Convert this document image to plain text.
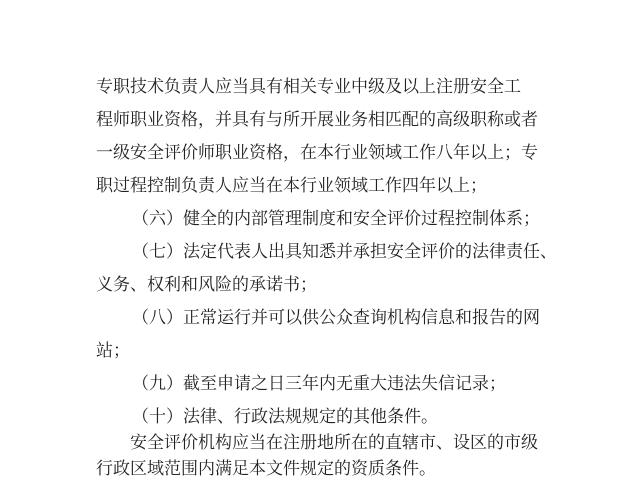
专职技术负责人应当具有相关专业中级及以上注册安全工
程师职业资格，并具有与所开展业务相匹配的高级职称或者
一级安全评价师职业资格，在本行业领域工作八年以上；专
职过程控制负责人应当在本行业领域工作四年以上；
（六）健全的内部管理制度和安全评价过程控制体系；
（七）法定代表人出具知悉并承担安全评价的法律责任、
义务、权利和风险的承诺书；
（八）正常运行并可以供公众查询机构信息和报告的网
站；
（九）截至申请之日三年内无重大违法失信记录；
（十）法律、行政法规规定的其他条件。
安全评价机构应当在注册地所在的直辖市、设区的市级
行政区域范围内满足本文件规定的资质条件。
